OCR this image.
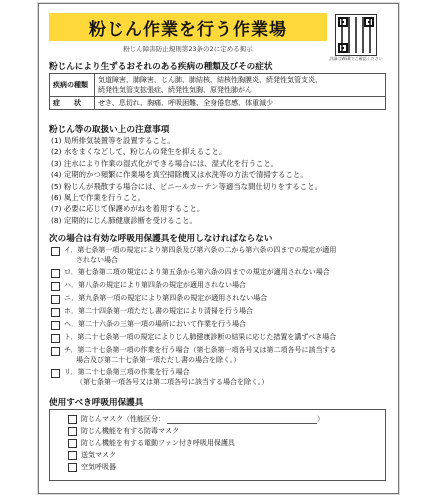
粉じん作業を行う作業場
粉じん障害防止規則第23条の2に定める掲示
詳細はWEBでご確認ください
粉じんにより生ずるおそれのある疾病の種類及びその症状
疾病の種類	気道障害、肺障害、じん肺、肺結核、結核性胸膜炎、続発性気管支炎、
続発性気管支拡張症、続発性気胸、原発性肺がん

症　　状	せき、息切れ、胸痛、呼吸困難、全身倦怠感、体重減少
粉じん等の取扱い上の注意事項
(1) 局所排気装置等を設置すること。
(2) 水をまくなどして、粉じんの発生を抑えること。
(3) 注水により作業の湿式化ができる場合には、湿式化を行うこと。
(4) 定期的かつ頻繁に作業場を真空掃除機又は水洗等の方法で清掃すること。
(5) 粉じんが飛散する場合には、ビニールカーテン等適当な間仕切りをすること。
(6) 風上で作業を行うこと。
(7) 必要に応じて保護めがねを着用すること。
(8) 定期的にじん肺健康診断を受けること。
次の場合は有効な呼吸用保護具を使用しなければならない
イ．第七条第一項の規定により第四条及び第六条の二から第六条の四までの規定が適用
されない場合
ロ．第七条第二項の規定により第五条から第六条の四までの規定が適用されない場合
ハ．第八条の規定により第四条の規定が適用されない場合
ニ．第九条第一項の規定により第四条の規定が適用されない場合
ホ．第二十四条第一項ただし書の規定により清掃を行う場合
ヘ．第二十六条の三第一項の場所において作業を行う場合
ト．第二十七条第一項の規定によりじん肺健康診断の結果に応じた措置を講ずべき場合
チ．第二十七条第一項の作業を行う場合（第七条第一項各号又は第二項各号に該当する
場合及び第二十七条第一項ただし書の場合を除く。）
リ．第二十七条第三項の作業を行う場合
（第七条第一項各号又は第二項各号に該当する場合を除く。）
使用すべき呼吸用保護具
防じんマスク（性能区分：	）
防じん機能を有する防毒マスク
防じん機能を有する電動ファン付き呼吸用保護具
送気マスク
空気呼吸器
